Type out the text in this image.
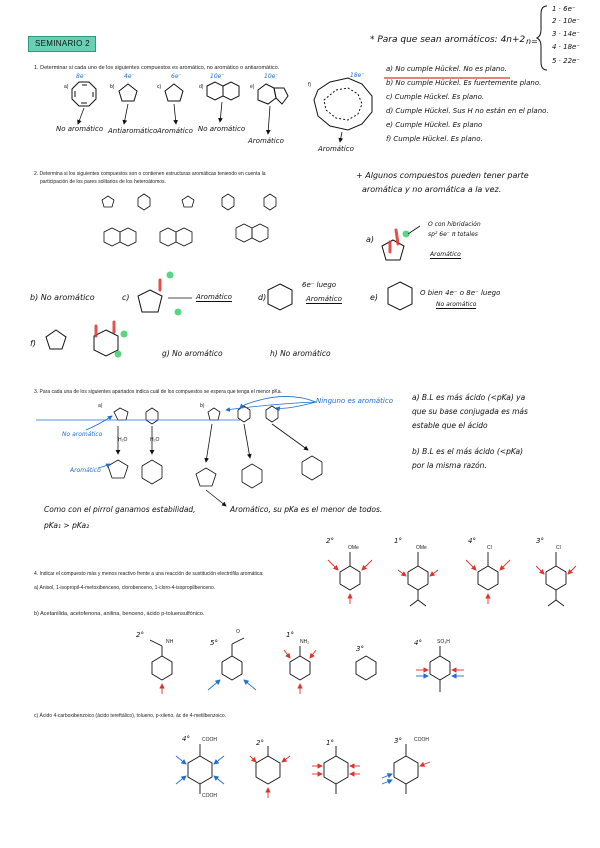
SEMINARIO 2	* Para que sean aromáticos: 4n+2 n=
1 · 6e⁻
2 · 10e⁻
3 · 14e⁻
4 · 18e⁻
5 · 22e⁻
1. Determinar si cada uno de los siguientes compuestos es aromático, no aromático o antiaromático.
8e⁻	4e⁻	6e⁻	10e⁻	10e⁻	18e⁻
No aromático Antiaromático Aromático No aromático
Aromático
Aromático
a) No cumple Hückel. No es plano.
b) No cumple Hückel. Es fuertemente plano.
c) Cumple Hückel. Es plano.
d) Cumple Hückel. Sus H no están en el plano.
e) Cumple Hückel. Es plano
f) Cumple Hückel. Es plano.
2. Determina si los siguientes compuestos son o contienen estructuras aromáticas teniendo en cuenta la
participación de los pares solitarios de los heteroátomos.
+ Algunos compuestos pueden tener parte
aromática y no aromática a la vez.
a)
O con hibridación
sp² 6e⁻ π totales
Aromático
b) No aromático	c)	Aromático	d)
6e⁻ luego
Aromático	e)	O bien 4e⁻ o 8e⁻ luego
No aromático
f)
g) No aromático	h) No aromático
3. Para cada una de los siguientes apartados indica cuál de los compuestos se espera que tenga el menor pKa.
a)	b)
No aromático
Aromático
Ninguno es aromático
H₂O	H₂O
a) B.L es más ácido (<pKa) ya
que su base conjugada es más
estable que el ácido
b) B.L es el más ácido (<pKa)
por la misma razón.
Como con el pirrol ganamos estabilidad,
pKa₁ > pKa₂
Aromático, su pKa es el menor de todos.
4. Indicar el compuesto más y menos reactivo frente a una reacción de sustitución electrófila aromática:
a) Anisol, 1-isopropil-4-metoxibenceno, clorobenceno, 1-cloro-4-isopropilbenceno.
b) Acetanilida, acetofenona, anilina, benceno, ácido p-toluensulfónico.
c) Ácido 4-carboxibenzoico (ácido tereftálico), tolueno, p-xileno, ác de 4-metilbenzoico.
2°	1°	4°	3°
OMe	OMe	Cl	Cl
2°
5°
1°
3°
4°
NH
O
NH₂	SO₃H
4°	2°	1°	3°
COOH
COOH
COOH
a)	b)	c)	d)	e)	f)
